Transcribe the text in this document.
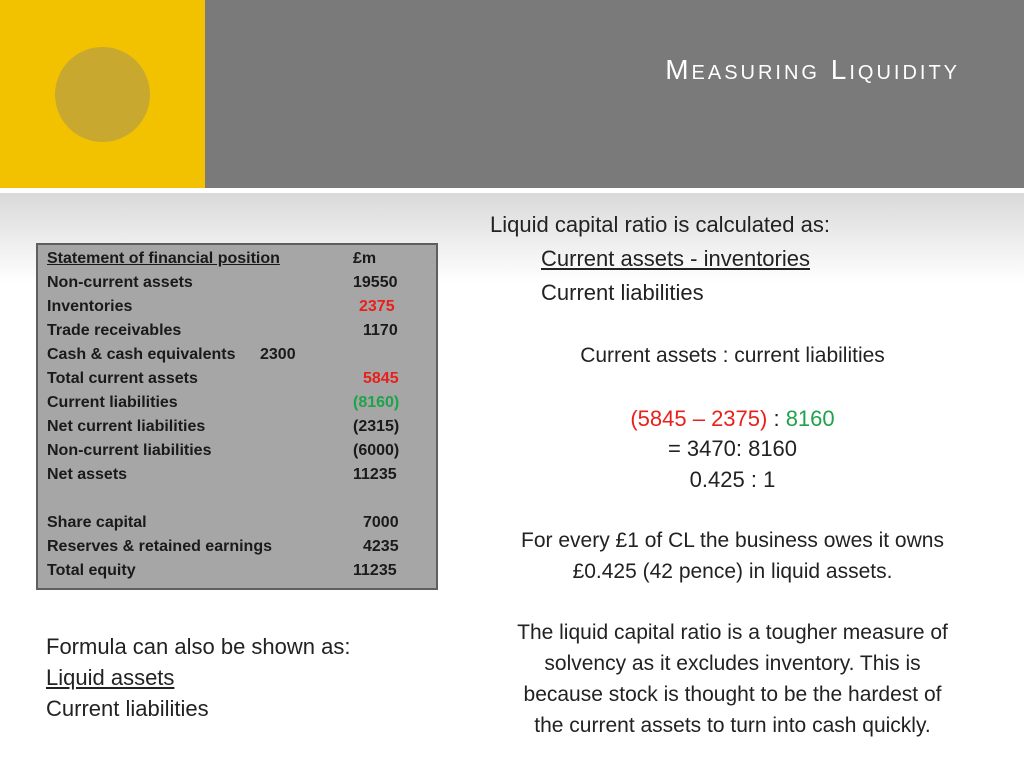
Measuring Liquidity
Statement of financial position	£m
Non-current assets	19550
Inventories	2375
Trade receivables	1170
Cash & cash equivalents 2300
Total current assets	5845
Current liabilities	(8160)
Net current liabilities	(2315)
Non-current liabilities	(6000)
Net assets	11235
Share capital	7000
Reserves & retained earnings	4235
Total equity	11235
Liquid capital ratio is calculated as:
Current assets - inventories
Current liabilities
Current assets : current liabilities
(5845 – 2375) : 8160
= 3470: 8160
0.425 : 1
For every £1 of CL the business owes it owns
£0.425 (42 pence) in liquid assets.
The liquid capital ratio is a tougher measure of
solvency as it excludes inventory. This is
because stock is thought to be the hardest of
the current assets to turn into cash quickly.
Formula can also be shown as:
Liquid assets
Current liabilities
